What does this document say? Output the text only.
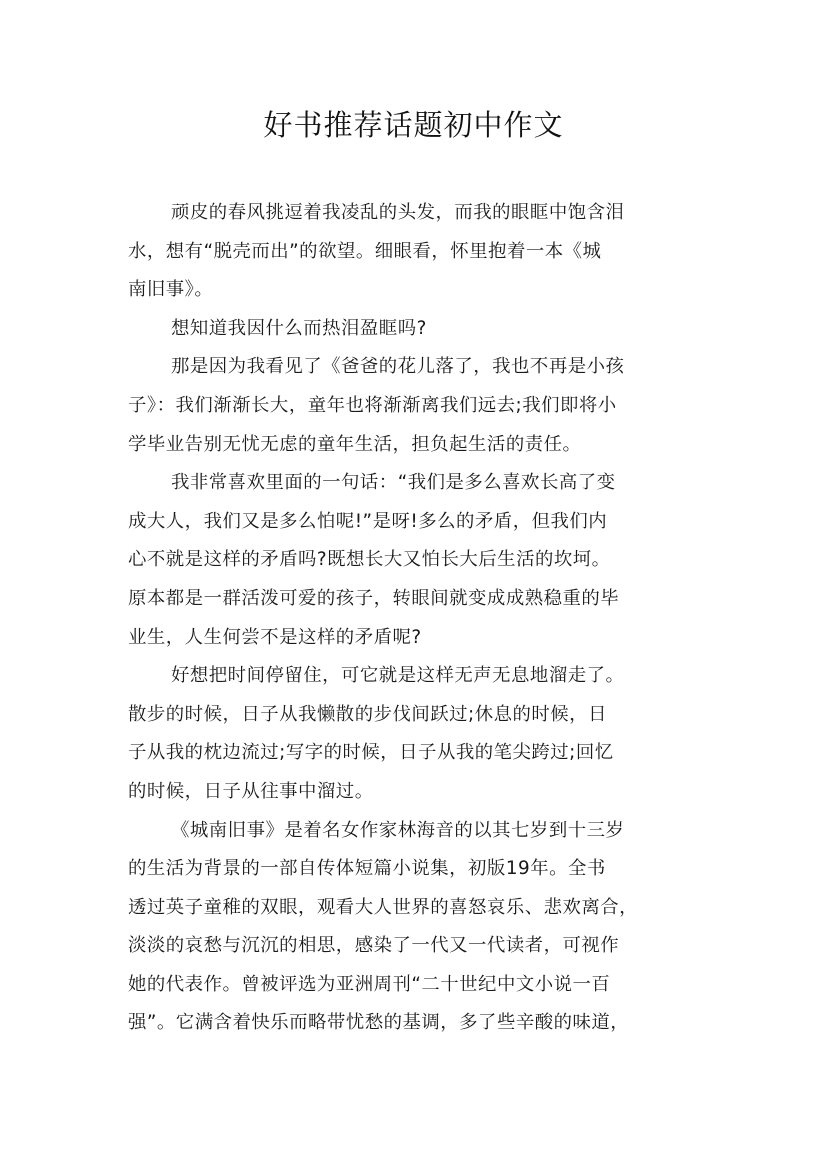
好书推荐话题初中作文
顽皮的春风挑逗着我凌乱的头发，而我的眼眶中饱含泪
水，想有“脱壳而出”的欲望。细眼看，怀里抱着一本《城
南旧事》。
想知道我因什么而热泪盈眶吗?
那是因为我看见了《爸爸的花儿落了，我也不再是小孩
子》：我们渐渐长大，童年也将渐渐离我们远去;我们即将小
学毕业告别无忧无虑的童年生活，担负起生活的责任。
我非常喜欢里面的一句话：“我们是多么喜欢长高了变
成大人，我们又是多么怕呢!”是呀!多么的矛盾，但我们内
心不就是这样的矛盾吗?既想长大又怕长大后生活的坎坷。
原本都是一群活泼可爱的孩子，转眼间就变成成熟稳重的毕
业生，人生何尝不是这样的矛盾呢?
好想把时间停留住，可它就是这样无声无息地溜走了。
散步的时候，日子从我懒散的步伐间跃过;休息的时候，日
子从我的枕边流过;写字的时候，日子从我的笔尖跨过;回忆
的时候，日子从往事中溜过。
《城南旧事》是着名女作家林海音的以其七岁到十三岁
的生活为背景的一部自传体短篇小说集，初版19年。全书
透过英子童稚的双眼，观看大人世界的喜怒哀乐、悲欢离合，
淡淡的哀愁与沉沉的相思，感染了一代又一代读者，可视作
她的代表作。曾被评选为亚洲周刊“二十世纪中文小说一百
强”。它满含着快乐而略带忧愁的基调，多了些辛酸的味道，
